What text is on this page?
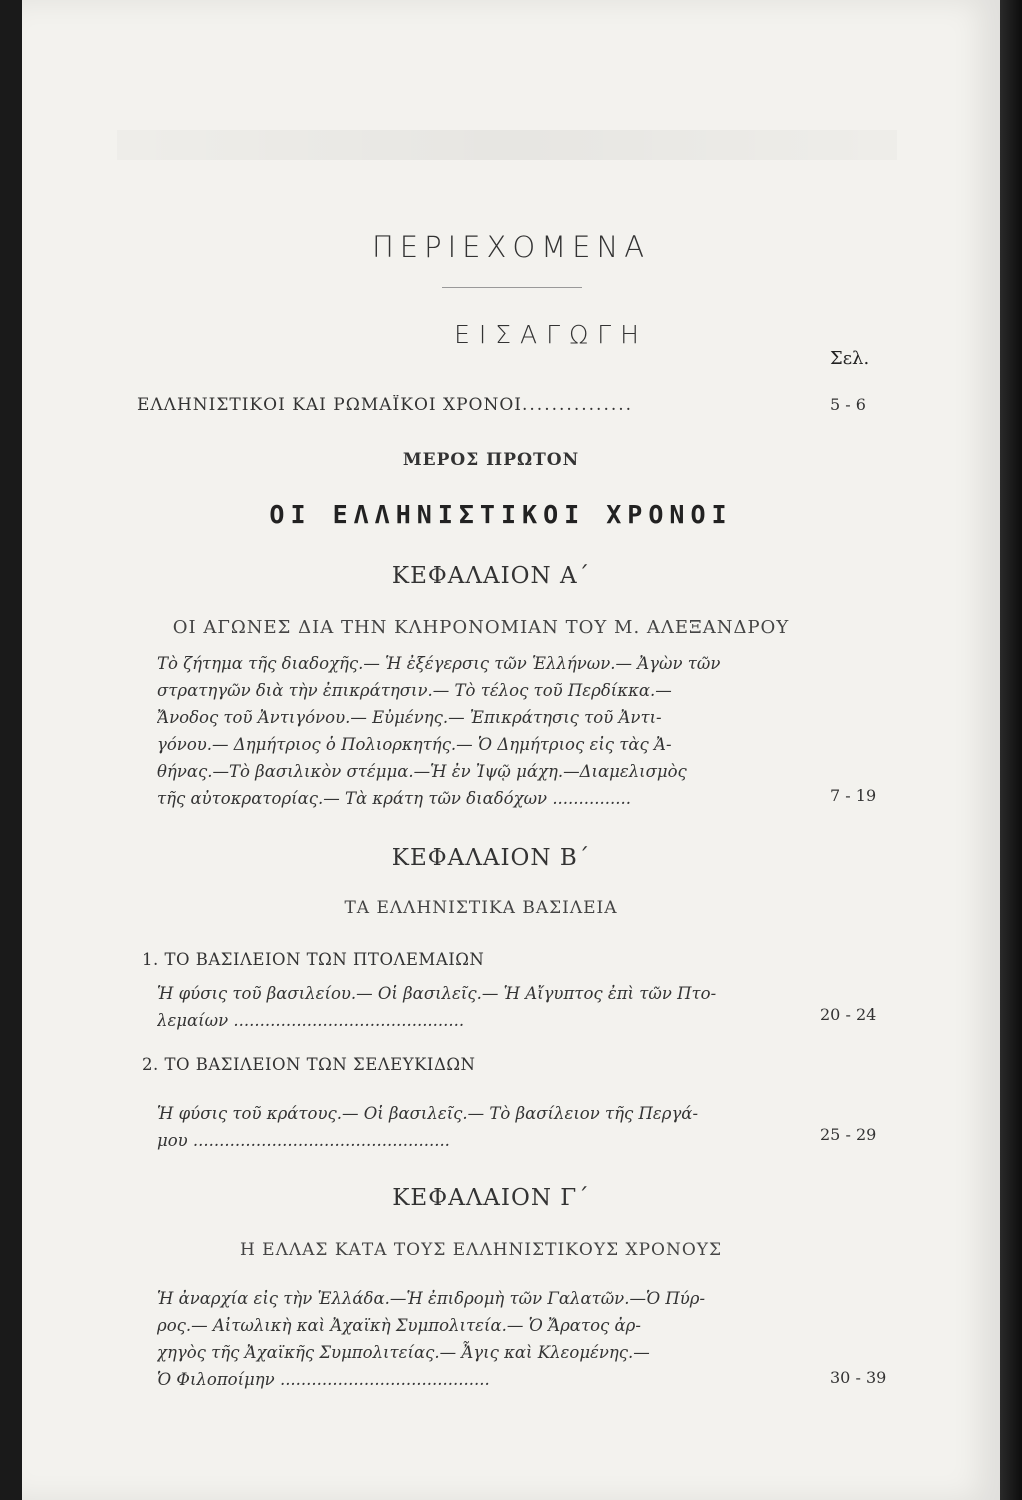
ΠΕΡΙΕΧΟΜΕΝΑ
ΕΙΣΑΓΩΓΗ
Σελ.
ΕΛΛΗΝΙΣΤΙΚΟΙ ΚΑΙ ΡΩΜΑΪΚΟΙ ΧΡΟΝΟΙ...............	5 - 6
ΜΕΡΟΣ ΠΡΩΤΟΝ
ΟΙ ΕΛΛΗΝΙΣΤΙΚΟΙ ΧΡΟΝΟΙ
ΚΕΦΑΛΑΙΟΝ Α΄
ΟΙ ΑΓΩΝΕΣ ΔΙΑ ΤΗΝ ΚΛΗΡΟΝΟΜΙΑΝ ΤΟΥ Μ. ΑΛΕΞΑΝΔΡΟΥ
Τὸ ζήτημα τῆς διαδοχῆς.— Ἡ ἐξέγερσις τῶν Ἑλλήνων.— Ἀγὼν τῶν
στρατηγῶν διὰ τὴν ἐπικράτησιν.— Τὸ τέλος τοῦ Περδίκκα.—
Ἄνοδος τοῦ Ἀντιγόνου.— Εὐμένης.— Ἐπικράτησις τοῦ Ἀντι-
γόνου.— Δημήτριος ὁ Πολιορκητής.— Ὁ Δημήτριος εἰς τὰς Ἀ-
θήνας.—Τὸ βασιλικὸν στέμμα.—Ἡ ἐν Ἰψῷ μάχη.—Διαμελισμὸς
τῆς αὐτοκρατορίας.— Τὰ κράτη τῶν διαδόχων ...............	7 - 19
ΚΕΦΑΛΑΙΟΝ Β΄
ΤΑ ΕΛΛΗΝΙΣΤΙΚΑ ΒΑΣΙΛΕΙΑ
1. ΤΟ ΒΑΣΙΛΕΙΟΝ ΤΩΝ ΠΤΟΛΕΜΑΙΩΝ
Ἡ φύσις τοῦ βασιλείου.— Οἱ βασιλεῖς.— Ἡ Αἴγυπτος ἐπὶ τῶν Πτο-
λεμαίων ............................................	20 - 24
2. ΤΟ ΒΑΣΙΛΕΙΟΝ ΤΩΝ ΣΕΛΕΥΚΙΔΩΝ
Ἡ φύσις τοῦ κράτους.— Οἱ βασιλεῖς.— Τὸ βασίλειον τῆς Περγά-
μου .................................................	25 - 29
ΚΕΦΑΛΑΙΟΝ Γ΄
Η ΕΛΛΑΣ ΚΑΤΑ ΤΟΥΣ ΕΛΛΗΝΙΣΤΙΚΟΥΣ ΧΡΟΝΟΥΣ
Ἡ ἀναρχία εἰς τὴν Ἑλλάδα.—Ἡ ἐπιδρομὴ τῶν Γαλατῶν.—Ὁ Πύρ-
ρος.— Αἰτωλικὴ καὶ Ἀχαϊκὴ Συμπολιτεία.— Ὁ Ἄρατος ἀρ-
χηγὸς τῆς Ἀχαϊκῆς Συμπολιτείας.— Ἆγις καὶ Κλεομένης.—
Ὁ Φιλοποίμην ........................................	30 - 39
